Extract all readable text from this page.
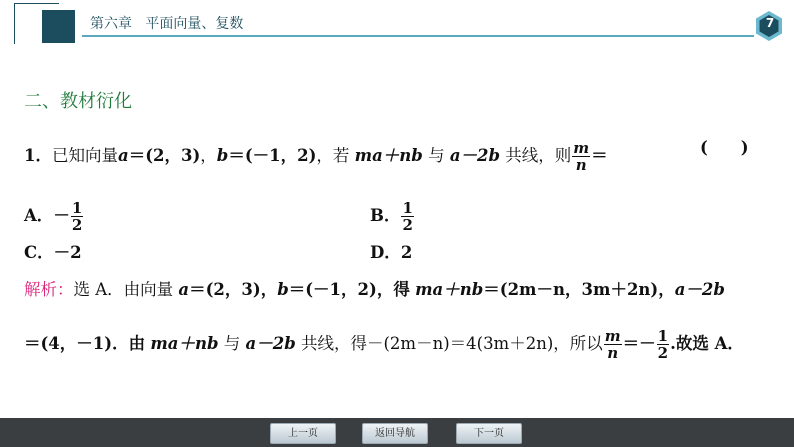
第六章 平面向量、复数	7
二、教材衍化
1．已知向量a＝(2，3)，b＝(－1，2)，若 ma＋nb 与 a－2b 共线，则 $\frac{m}{n}$ ＝	(　　)
A．－ $\frac{1}{2}$	B． $\frac{1}{2}$
C．－2	D．2
解析：选 A．由向量 a＝(2，3)，b＝(－1，2)，得 ma＋nb＝(2m－n，3m＋2n)，a－2b
＝(4，－1)．由 ma＋nb 与 a－2b 共线，得－(2m－n)＝4(3m＋2n)，所以 $\frac{m}{n} =- \frac{1}{2}$ .故选 A．
上一页	返回导航	下一页
